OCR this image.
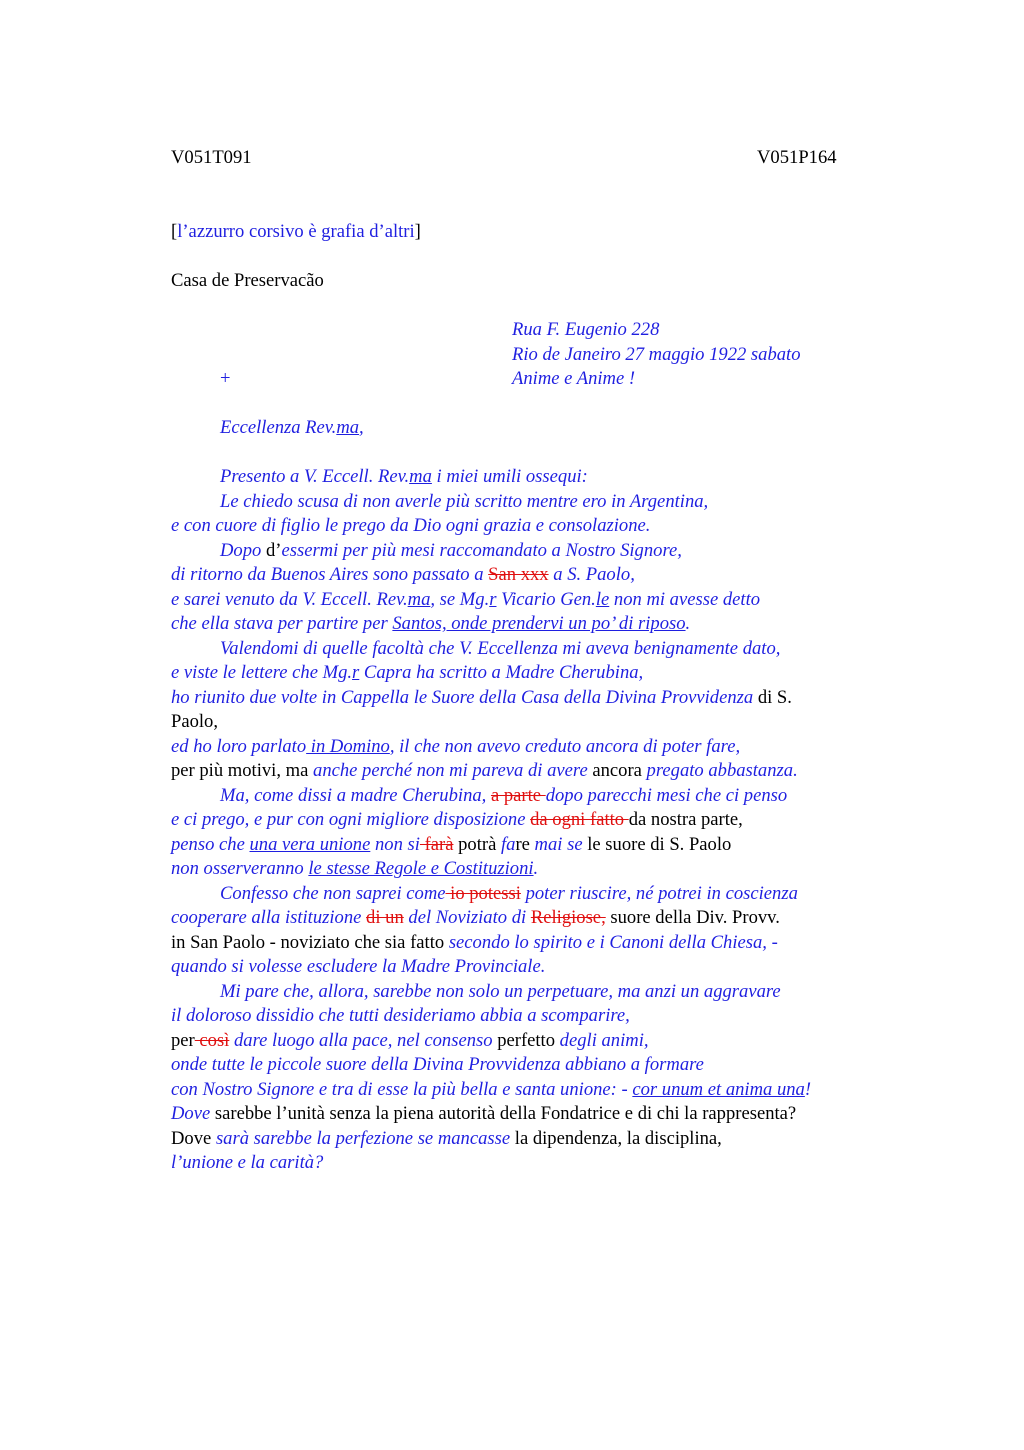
V051T091	V051P164
[l’azzurro corsivo è grafia d’altri]
Casa de Preservacão
Rua F. Eugenio 228
Rio de Janeiro 27 maggio 1922 sabato
+	Anime e Anime !
Eccellenza Rev.ma,
Presento a V. Eccell. Rev.ma i miei umili ossequi:
Le chiedo scusa di non averle più scritto mentre ero in Argentina,
e con cuore di figlio le prego da Dio ogni grazia e consolazione.
Dopo d’essermi per più mesi raccomandato a Nostro Signore,
di ritorno da Buenos Aires sono passato a San xxx a S. Paolo,
e sarei venuto da V. Eccell. Rev.ma, se Mg.r Vicario Gen.le non mi avesse detto
che ella stava per partire per Santos, onde prendervi un po’ di riposo.
Valendomi di quelle facoltà che V. Eccellenza mi aveva benignamente dato,
e viste le lettere che Mg.r Capra ha scritto a Madre Cherubina,
ho riunito due volte in Cappella le Suore della Casa della Divina Provvidenza di S.
Paolo,
ed ho loro parlato in Domino, il che non avevo creduto ancora di poter fare,
per più motivi, ma anche perché non mi pareva di avere ancora pregato abbastanza.
Ma, come dissi a madre Cherubina, a parte dopo parecchi mesi che ci penso
e ci prego, e pur con ogni migliore disposizione da ogni fatto da nostra parte,
penso che una vera unione non si farà potrà fare mai se le suore di S. Paolo
non osserveranno le stesse Regole e Costituzioni.
Confesso che non saprei come io potessi poter riuscire, né potrei in coscienza
cooperare alla istituzione di un del Noviziato di Religiose, suore della Div. Provv.
in San Paolo - noviziato che sia fatto secondo lo spirito e i Canoni della Chiesa, -
quando si volesse escludere la Madre Provinciale.
Mi pare che, allora, sarebbe non solo un perpetuare, ma anzi un aggravare
il doloroso dissidio che tutti desideriamo abbia a scomparire,
per così dare luogo alla pace, nel consenso perfetto degli animi,
onde tutte le piccole suore della Divina Provvidenza abbiano a formare
con Nostro Signore e tra di esse la più bella e santa unione: - cor unum et anima una!
Dove sarebbe l’unità senza la piena autorità della Fondatrice e di chi la rappresenta?
Dove sarà sarebbe la perfezione se mancasse la dipendenza, la disciplina,
l’unione e la carità?
